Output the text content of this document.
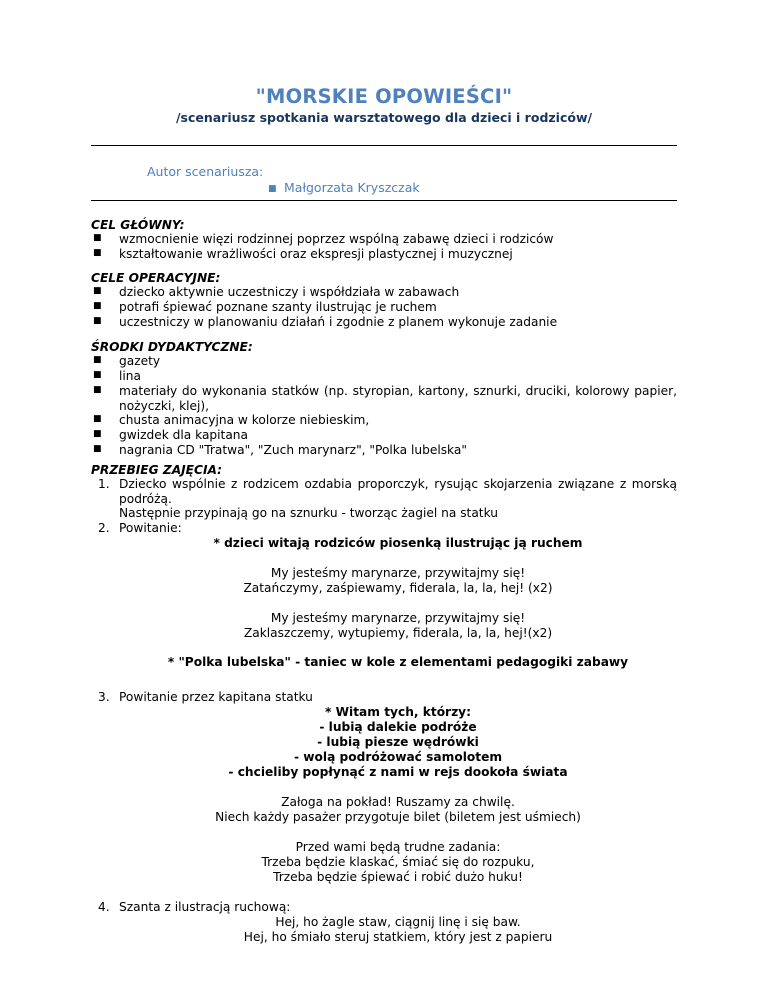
"MORSKIE OPOWIEŚCI"
/scenariusz spotkania warsztatowego dla dzieci i rodziców/
Autor scenariusza:
■ Małgorzata Kryszczak
CEL GŁÓWNY:
■ wzmocnienie więzi rodzinnej poprzez wspólną zabawę dzieci i rodziców
■ kształtowanie wrażliwości oraz ekspresji plastycznej i muzycznej
CELE OPERACYJNE:
■ dziecko aktywnie uczestniczy i współdziała w zabawach
■ potrafi śpiewać poznane szanty ilustrując je ruchem
■ uczestniczy w planowaniu działań i zgodnie z planem wykonuje zadanie
ŚRODKI DYDAKTYCZNE:
■ gazety
■ lina
■ materiały do wykonania statków (np. styropian, kartony, sznurki, druciki, kolorowy papier, nożyczki, klej),
■ chusta animacyjna w kolorze niebieskim,
■ gwizdek dla kapitana
■ nagrania CD "Tratwa", "Zuch marynarz", "Polka lubelska"
PRZEBIEG ZAJĘCIA:
1. Dziecko wspólnie z rodzicem ozdabia proporczyk, rysując skojarzenia związane z morską podróżą.
Następnie przypinają go na sznurku - tworząc żagiel na statku
2. Powitanie:
* dzieci witają rodziców piosenką ilustrując ją ruchem
My jesteśmy marynarze, przywitajmy się!
Zatańczymy, zaśpiewamy, fiderala, la, la, hej! (x2)
My jesteśmy marynarze, przywitajmy się!
Zaklaszczemy, wytupiemy, fiderala, la, la, hej!(x2)
* "Polka lubelska" - taniec w kole z elementami pedagogiki zabawy
3. Powitanie przez kapitana statku
* Witam tych, którzy:
- lubią dalekie podróże
- lubią piesze wędrówki
- wolą podróżować samolotem
- chcieliby popłynąć z nami w rejs dookoła świata
Załoga na pokład! Ruszamy za chwilę.
Niech każdy pasażer przygotuje bilet (biletem jest uśmiech)
Przed wami będą trudne zadania:
Trzeba będzie klaskać, śmiać się do rozpuku,
Trzeba będzie śpiewać i robić dużo huku!
4. Szanta z ilustracją ruchową:
Hej, ho żagle staw, ciągnij linę i się baw.
Hej, ho śmiało steruj statkiem, który jest z papieru
